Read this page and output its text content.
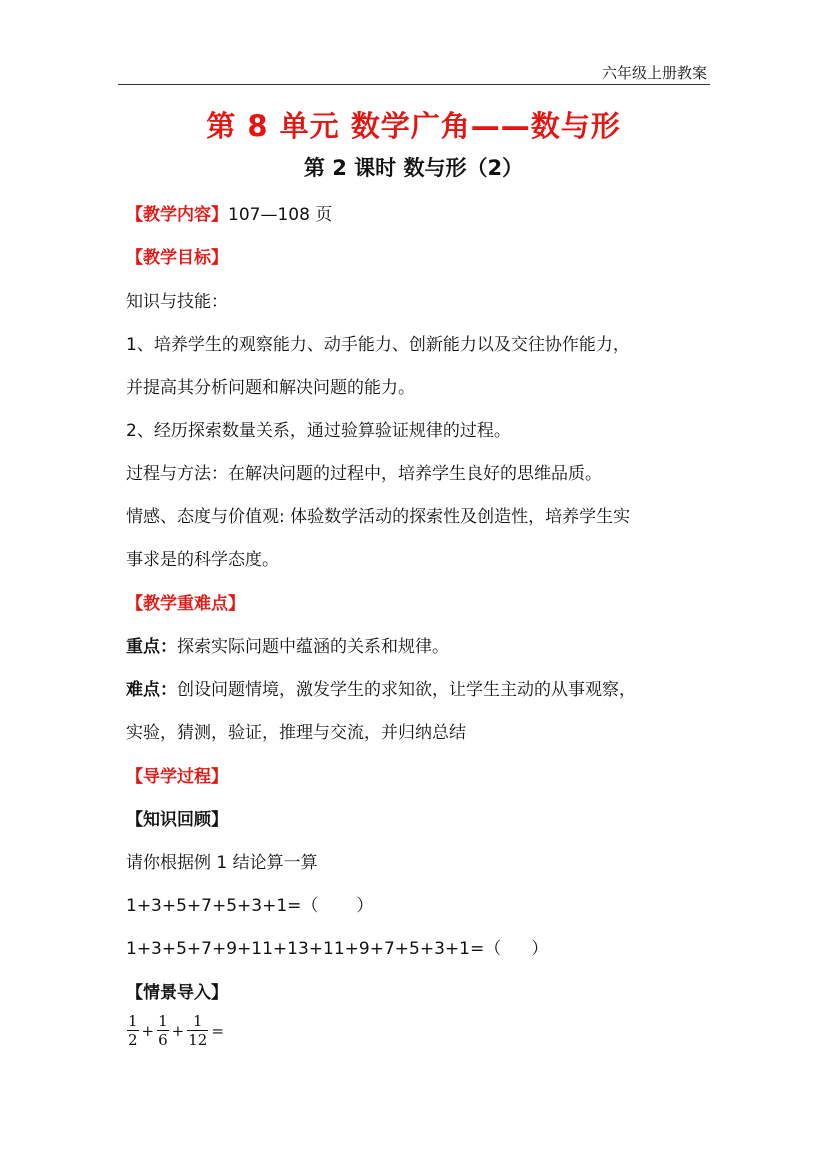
六年级上册教案
第 8 单元 数学广角——数与形
第 2 课时 数与形（2）
【教学内容】107—108 页
【教学目标】
知识与技能：
1、培养学生的观察能力、动手能力、创新能力以及交往协作能力，
并提高其分析问题和解决问题的能力。
2、经历探索数量关系，通过验算验证规律的过程。
过程与方法：在解决问题的过程中，培养学生良好的思维品质。
情感、态度与价值观: 体验数学活动的探索性及创造性，培养学生实
事求是的科学态度。
【教学重难点】
重点：探索实际问题中蕴涵的关系和规律。
难点：创设问题情境，激发学生的求知欲，让学生主动的从事观察，
实验，猜测，验证，推理与交流，并归纳总结
【导学过程】
【知识回顾】
请你根据例 1 结论算一算
1+3+5+7+5+3+1=（ ）
1+3+5+7+9+11+13+11+9+7+5+3+1=（ ）
【情景导入】
$\frac{1}{2} + \frac{1}{6} + \frac{1}{12}$ =
